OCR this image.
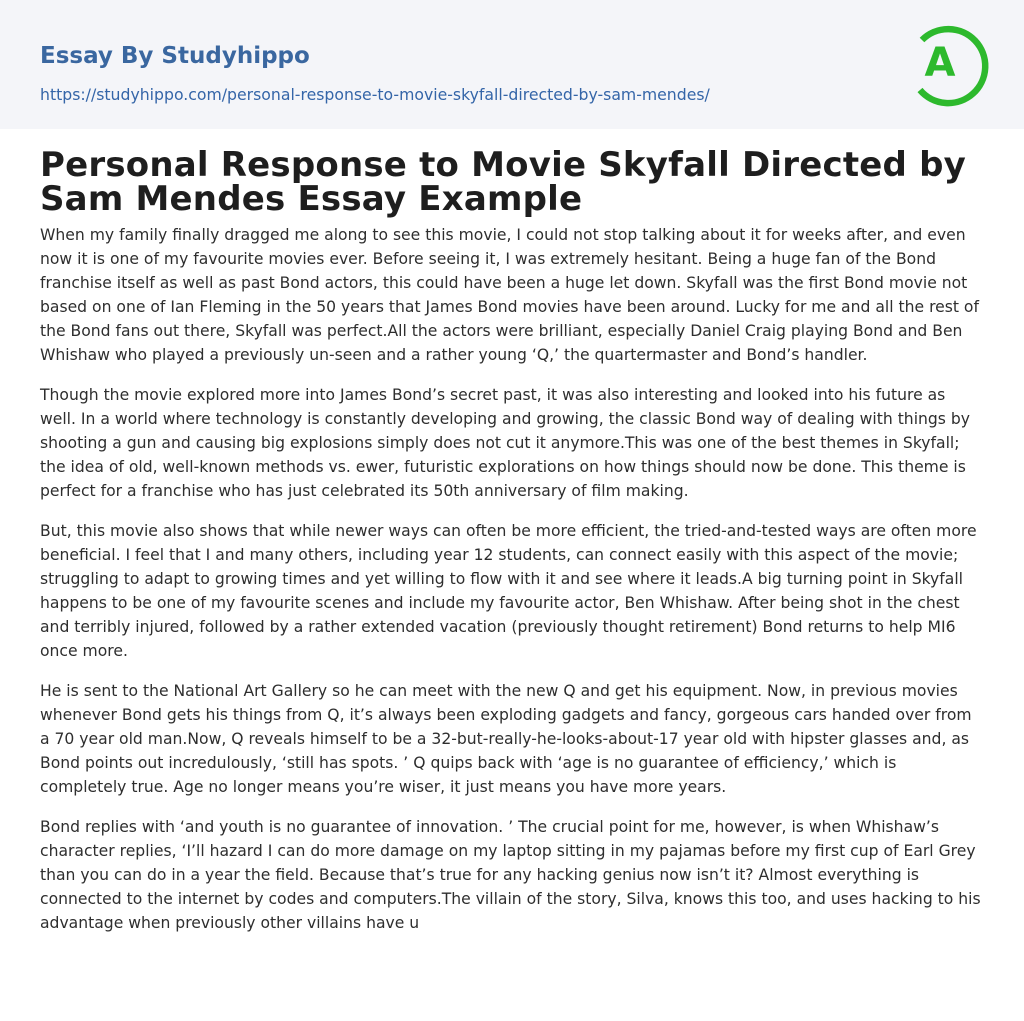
Essay By Studyhippo
https://studyhippo.com/personal-response-to-movie-skyfall-directed-by-sam-mendes/
A
Personal Response to Movie Skyfall Directed by Sam Mendes Essay Example

When my family finally dragged me along to see this movie, I could not stop talking about it for weeks after, and even now it is one of my favourite movies ever. Before seeing it, I was extremely hesitant. Being a huge fan of the Bond franchise itself as well as past Bond actors, this could have been a huge let down. Skyfall was the first Bond movie not based on one of Ian Fleming in the 50 years that James Bond movies have been around. Lucky for me and all the rest of the Bond fans out there, Skyfall was perfect.All the actors were brilliant, especially Daniel Craig playing Bond and Ben Whishaw who played a previously un-seen and a rather young ‘Q,’ the quartermaster and Bond’s handler.

Though the movie explored more into James Bond’s secret past, it was also interesting and looked into his future as well. In a world where technology is constantly developing and growing, the classic Bond way of dealing with things by shooting a gun and causing big explosions simply does not cut it anymore.This was one of the best themes in Skyfall; the idea of old, well-known methods vs. ewer, futuristic explorations on how things should now be done. This theme is perfect for a franchise who has just celebrated its 50th anniversary of film making.

But, this movie also shows that while newer ways can often be more efficient, the tried-and-tested ways are often more beneficial. I feel that I and many others, including year 12 students, can connect easily with this aspect of the movie; struggling to adapt to growing times and yet willing to flow with it and see where it leads.A big turning point in Skyfall happens to be one of my favourite scenes and include my favourite actor, Ben Whishaw. After being shot in the chest and terribly injured, followed by a rather extended vacation (previously thought retirement) Bond returns to help MI6 once more.

He is sent to the National Art Gallery so he can meet with the new Q and get his equipment. Now, in previous movies whenever Bond gets his things from Q, it’s always been exploding gadgets and fancy, gorgeous cars handed over from a 70 year old man.Now, Q reveals himself to be a 32-but-really-he-looks-about-17 year old with hipster glasses and, as Bond points out incredulously, ‘still has spots. ’ Q quips back with ‘age is no guarantee of efficiency,’ which is completely true. Age no longer means you’re wiser, it just means you have more years.

Bond replies with ‘and youth is no guarantee of innovation. ’ The crucial point for me, however, is when Whishaw’s character replies, ‘I’ll hazard I can do more damage on my laptop sitting in my pajamas before my first cup of Earl Grey than you can do in a year the field. Because that’s true for any hacking genius now isn’t it? Almost everything is connected to the internet by codes and computers.The villain of the story, Silva, knows this too, and uses hacking to his advantage when previously other villains have u
